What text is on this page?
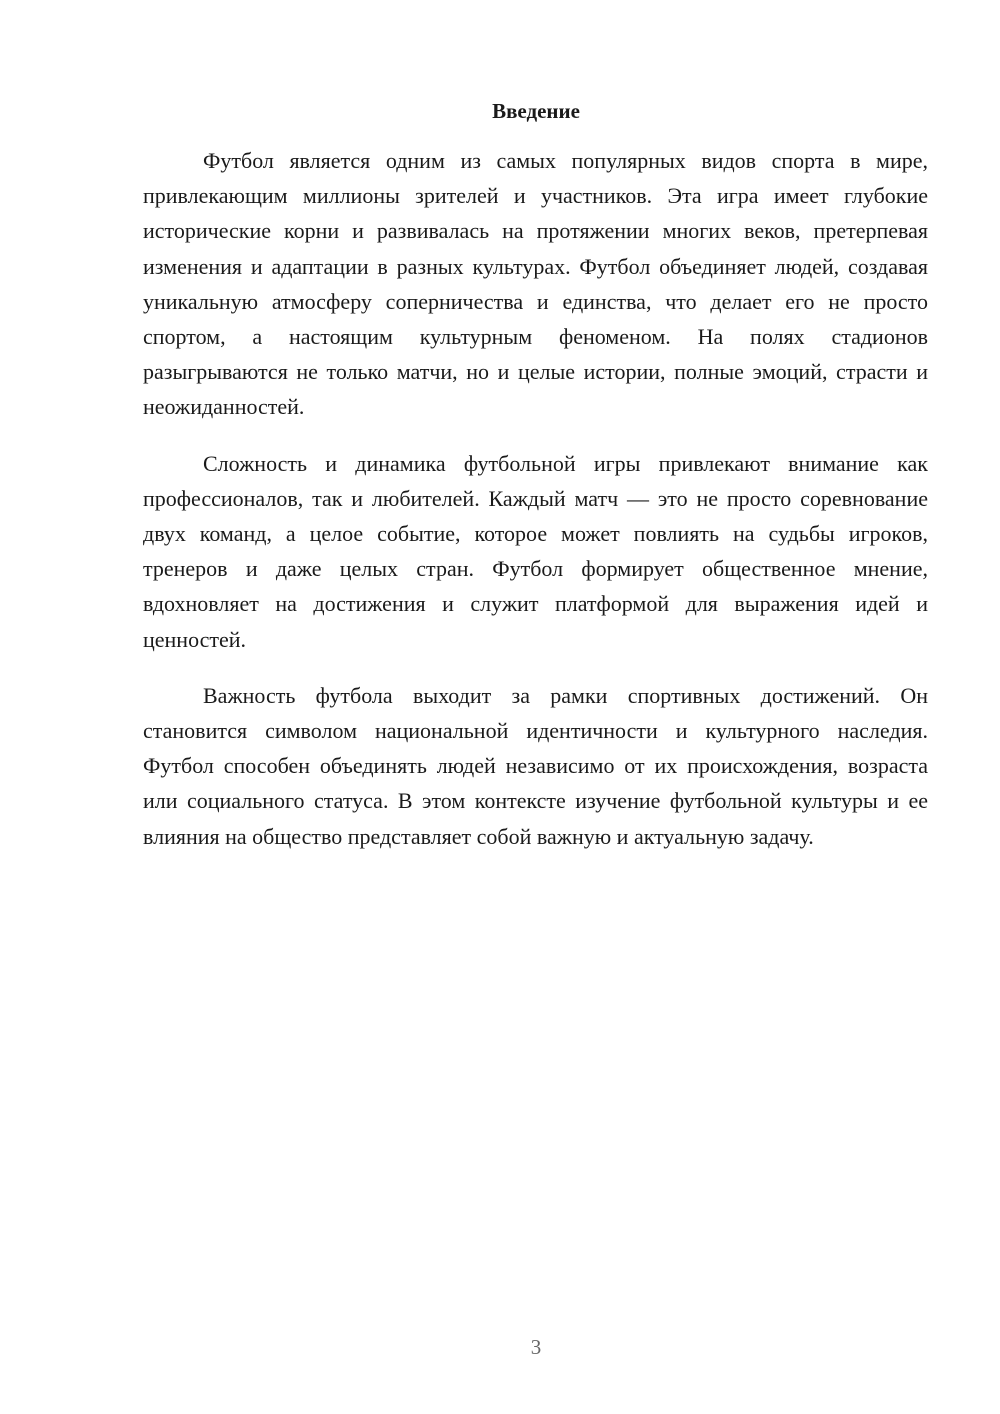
Введение

Футбол является одним из самых популярных видов спорта в мире, привлекающим миллионы зрителей и участников. Эта игра имеет глубокие исторические корни и развивалась на протяжении многих веков, претерпевая изменения и адаптации в разных культурах. Футбол объединяет людей, создавая уникальную атмосферу соперничества и единства, что делает его не просто спортом, а настоящим культурным феноменом. На полях стадионов разыгрываются не только матчи, но и целые истории, полные эмоций, страсти и неожиданностей.

Сложность и динамика футбольной игры привлекают внимание как профессионалов, так и любителей. Каждый матч — это не просто соревнование двух команд, а целое событие, которое может повлиять на судьбы игроков, тренеров и даже целых стран. Футбол формирует общественное мнение, вдохновляет на достижения и служит платформой для выражения идей и ценностей.

Важность футбола выходит за рамки спортивных достижений. Он становится символом национальной идентичности и культурного наследия. Футбол способен объединять людей независимо от их происхождения, возраста или социального статуса. В этом контексте изучение футбольной культуры и ее влияния на общество представляет собой важную и актуальную задачу.

3
